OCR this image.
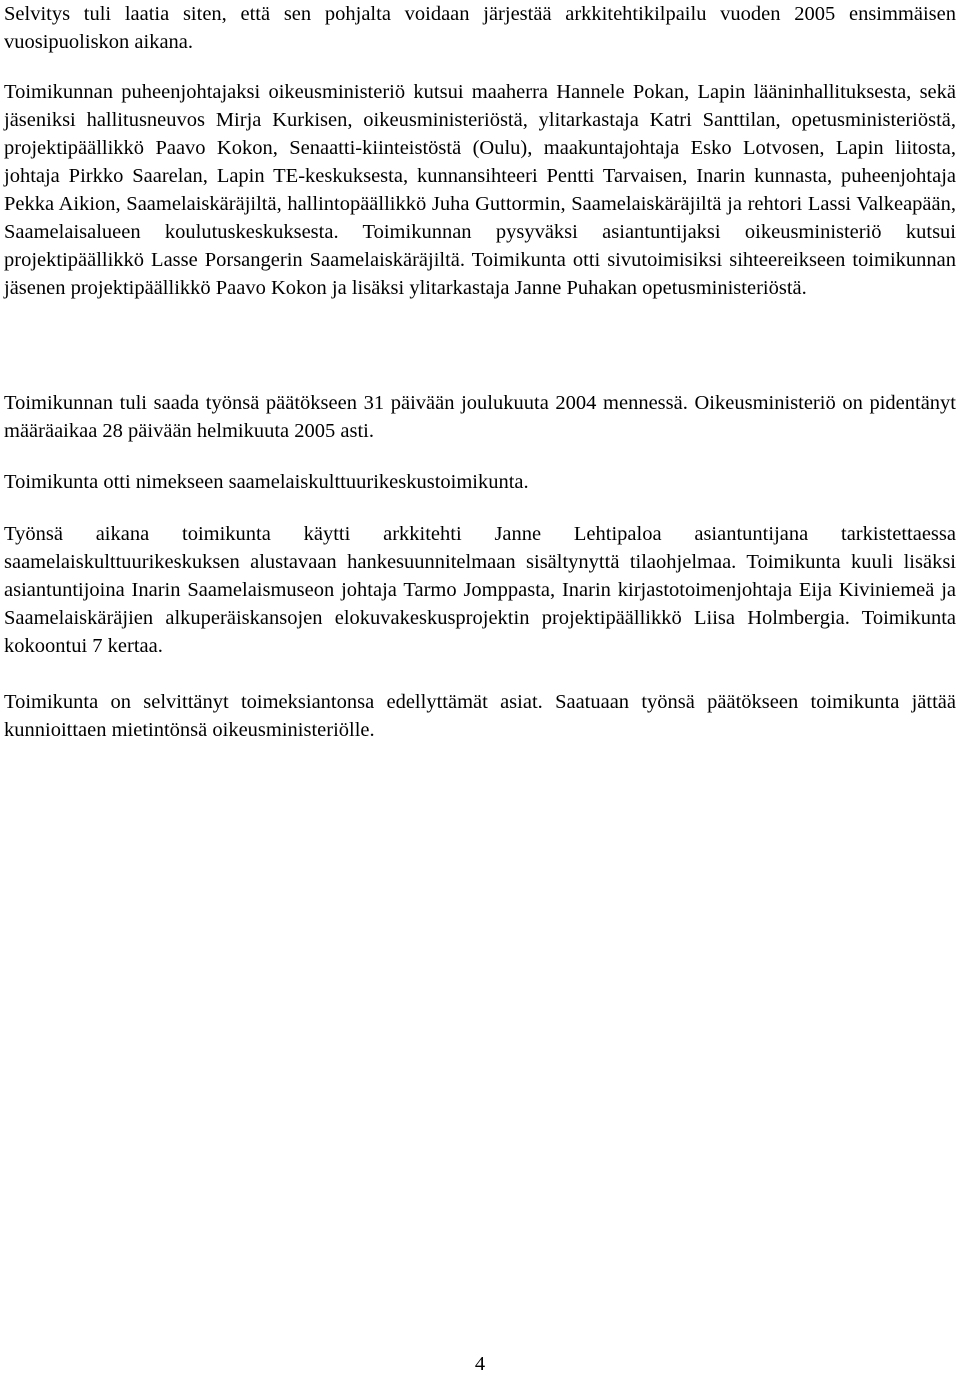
Selvitys tuli laatia siten, että sen pohjalta voidaan järjestää arkkitehtikilpailu vuoden 2005 ensimmäisen vuosipuoliskon aikana.

Toimikunnan puheenjohtajaksi oikeusministeriö kutsui maaherra Hannele Pokan, Lapin lääninhallituksesta, sekä jäseniksi hallitusneuvos Mirja Kurkisen, oikeusministeriöstä, ylitarkastaja Katri Santtilan, opetusministeriöstä, projektipäällikkö Paavo Kokon, Senaatti-kiinteistöstä (Oulu), maakuntajohtaja Esko Lotvosen, Lapin liitosta, johtaja Pirkko Saarelan, Lapin TE-keskuksesta, kunnansihteeri Pentti Tarvaisen, Inarin kunnasta, puheenjohtaja Pekka Aikion, Saamelaiskäräjiltä, hallintopäällikkö Juha Guttormin, Saamelaiskäräjiltä ja rehtori Lassi Valkeapään, Saamelaisalueen koulutuskeskuksesta. Toimikunnan pysyväksi asiantuntijaksi oikeusministeriö kutsui projektipäällikkö Lasse Porsangerin Saamelaiskäräjiltä. Toimikunta otti sivutoimisiksi sihteereikseen toimikunnan jäsenen projektipäällikkö Paavo Kokon ja lisäksi ylitarkastaja Janne Puhakan opetusministeriöstä.

Toimikunnan tuli saada työnsä päätökseen 31 päivään joulukuuta 2004 mennessä. Oikeusministeriö on pidentänyt määräaikaa 28 päivään helmikuuta 2005 asti.

Toimikunta otti nimekseen saamelaiskulttuurikeskustoimikunta.

Työnsä aikana toimikunta käytti arkkitehti Janne Lehtipaloa asiantuntijana tarkistettaessa saamelaiskulttuurikeskuksen alustavaan hankesuunnitelmaan sisältynyttä tilaohjelmaa. Toimikunta kuuli lisäksi asiantuntijoina Inarin Saamelaismuseon johtaja Tarmo Jomppasta, Inarin kirjastotoimenjohtaja Eija Kiviniemeä ja Saamelaiskäräjien alkuperäiskansojen elokuvakeskusprojektin projektipäällikkö Liisa Holmbergia. Toimikunta kokoontui 7 kertaa.

Toimikunta on selvittänyt toimeksiantonsa edellyttämät asiat. Saatuaan työnsä päätökseen toimikunta jättää kunnioittaen mietintönsä oikeusministeriölle.

4
